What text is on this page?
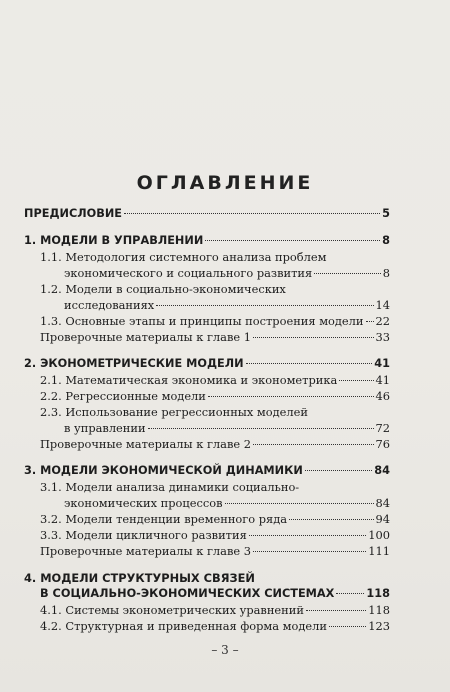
ОГЛАВЛЕНИЕ
ПРЕДИСЛОВИЕ	5
1. МОДЕЛИ В УПРАВЛЕНИИ	8
1.1. Методология системного анализа проблем
экономического и социального развития	8
1.2. Модели в социально-экономических
исследованиях	14
1.3. Основные этапы и принципы построения модели 22
Проверочные материалы к главе 1	33
2. ЭКОНОМЕТРИЧЕСКИЕ МОДЕЛИ	41
2.1. Математическая экономика и эконометрика	41
2.2. Регрессионные модели	46
2.3. Использование регрессионных моделей
в управлении	72
Проверочные материалы к главе 2	76
3. МОДЕЛИ ЭКОНОМИЧЕСКОЙ ДИНАМИКИ	84
3.1. Модели анализа динамики социально-
экономических процессов	84
3.2. Модели тенденции временного ряда	94
3.3. Модели цикличного развития	100
Проверочные материалы к главе 3	111
4. МОДЕЛИ СТРУКТУРНЫХ СВЯЗЕЙ
В СОЦИАЛЬНО-ЭКОНОМИЧЕСКИХ СИСТЕМАХ	118
4.1. Системы эконометрических уравнений	118
4.2. Структурная и приведенная форма модели	123
– 3 –
